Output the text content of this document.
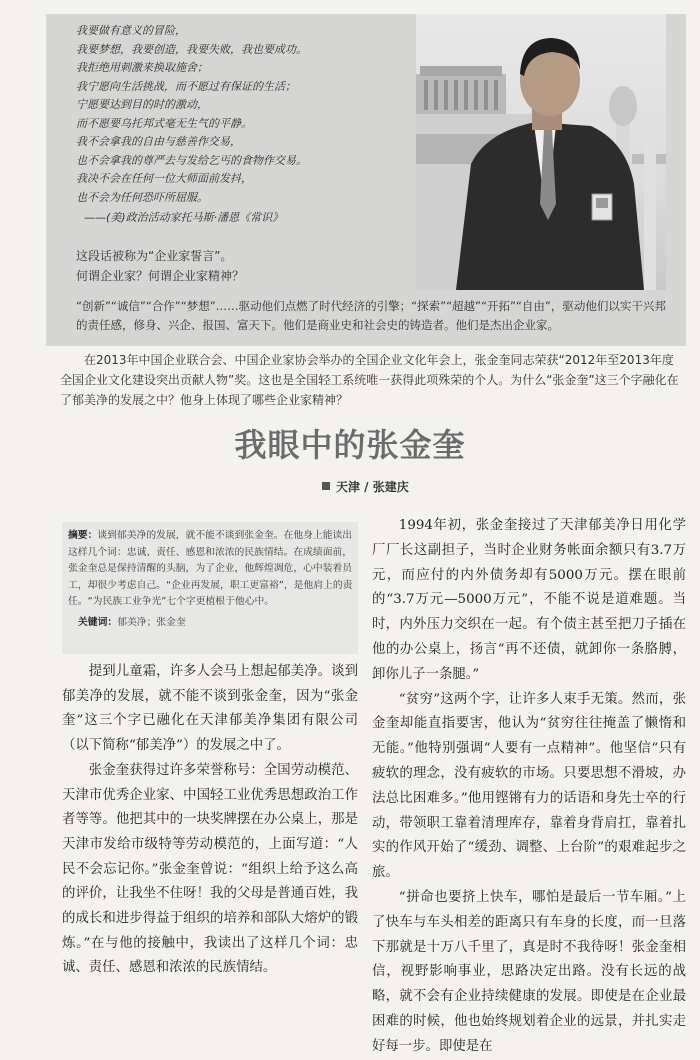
我要做有意义的冒险，
我要梦想，我要创造，我要失败，我也要成功。
我拒绝用刺激来换取施舍；
我宁愿向生活挑战，而不愿过有保证的生活；
宁愿要达到目的时的激动，
而不愿要乌托邦式毫无生气的平静。
我不会拿我的自由与慈善作交易，
也不会拿我的尊严去与发给乞丐的食物作交易。
我决不会在任何一位大师面前发抖，
也不会为任何恐吓所屈服。
——(美)政治活动家托马斯·潘恩《常识》
这段话被称为“企业家誓言”。
何谓企业家？何谓企业家精神？
“创新”“诚信”“合作”“梦想”……驱动他们点燃了时代经济的引擎；“探索”“超越”“开拓”“自由”，驱动他们以实干兴邦的责任感，修身、兴企、报国、富天下。他们是商业史和社会史的铸造者。他们是杰出企业家。
在2013年中国企业联合会、中国企业家协会举办的全国企业文化年会上，张金奎同志荣获“2012年至2013年度全国企业文化建设突出贡献人物”奖。这也是全国轻工系统唯一获得此项殊荣的个人。为什么“张金奎”这三个字融化在了郁美净的发展之中？他身上体现了哪些企业家精神？
我眼中的张金奎
天津 / 张建庆
摘要：谈到郁美净的发展，就不能不谈到张金奎。在他身上能读出这样几个词：忠诚、责任、感恩和浓浓的民族情结。在成绩面前，张金奎总是保持清醒的头脑，为了企业，他辉煌凋危，心中装着员工，却很少考虑自己。“企业再发展，职工更富裕”，是他肩上的责任。“为民族工业争光”七个字更植根于他心中。
关键词：郁美净；张金奎

提到儿童霜，许多人会马上想起郁美净。谈到郁美净的发展，就不能不谈到张金奎，因为“张金奎”这三个字已融化在天津郁美净集团有限公司（以下简称“郁美净”）的发展之中了。

张金奎获得过许多荣誉称号：全国劳动模范、天津市优秀企业家、中国轻工业优秀思想政治工作者等等。他把其中的一块奖牌摆在办公桌上，那是天津市发给市级特等劳动模范的，上面写道：“人民不会忘记你。”张金奎曾说：“组织上给予这么高的评价，让我坐不住呀！我的父母是普通百姓，我的成长和进步得益于组织的培养和部队大熔炉的锻炼。”在与他的接触中，我读出了这样几个词：忠诚、责任、感恩和浓浓的民族情结。

1994年初，张金奎接过了天津郁美净日用化学厂厂长这副担子，当时企业财务帐面余额只有3.7万元，而应付的内外债务却有5000万元。摆在眼前的“3.7万元—5000万元”，不能不说是道难题。当时，内外压力交织在一起。有个债主甚至把刀子插在他的办公桌上，扬言“再不还债，就卸你一条胳膊，卸你儿子一条腿。”

“贫穷”这两个字，让许多人束手无策。然而，张金奎却能直指要害，他认为“贫穷往往掩盖了懒惰和无能。”他特别强调“人要有一点精神”。他坚信“只有疲软的理念，没有疲软的市场。只要思想不滑坡，办法总比困难多。”他用铿锵有力的话语和身先士卒的行动，带领职工靠着清理库存，靠着身背肩扛，靠着扎实的作风开始了“缓劲、调整、上台阶”的艰难起步之旅。

“拼命也要挤上快车，哪怕是最后一节车厢。”上了快车与车头相差的距离只有车身的长度，而一旦落下那就是十万八千里了，真是时不我待呀！张金奎相信，视野影响事业，思路决定出路。没有长远的战略，就不会有企业持续健康的发展。即使是在企业最困难的时候，他也始终规划着企业的远景，并扎实走好每一步。即使是在
